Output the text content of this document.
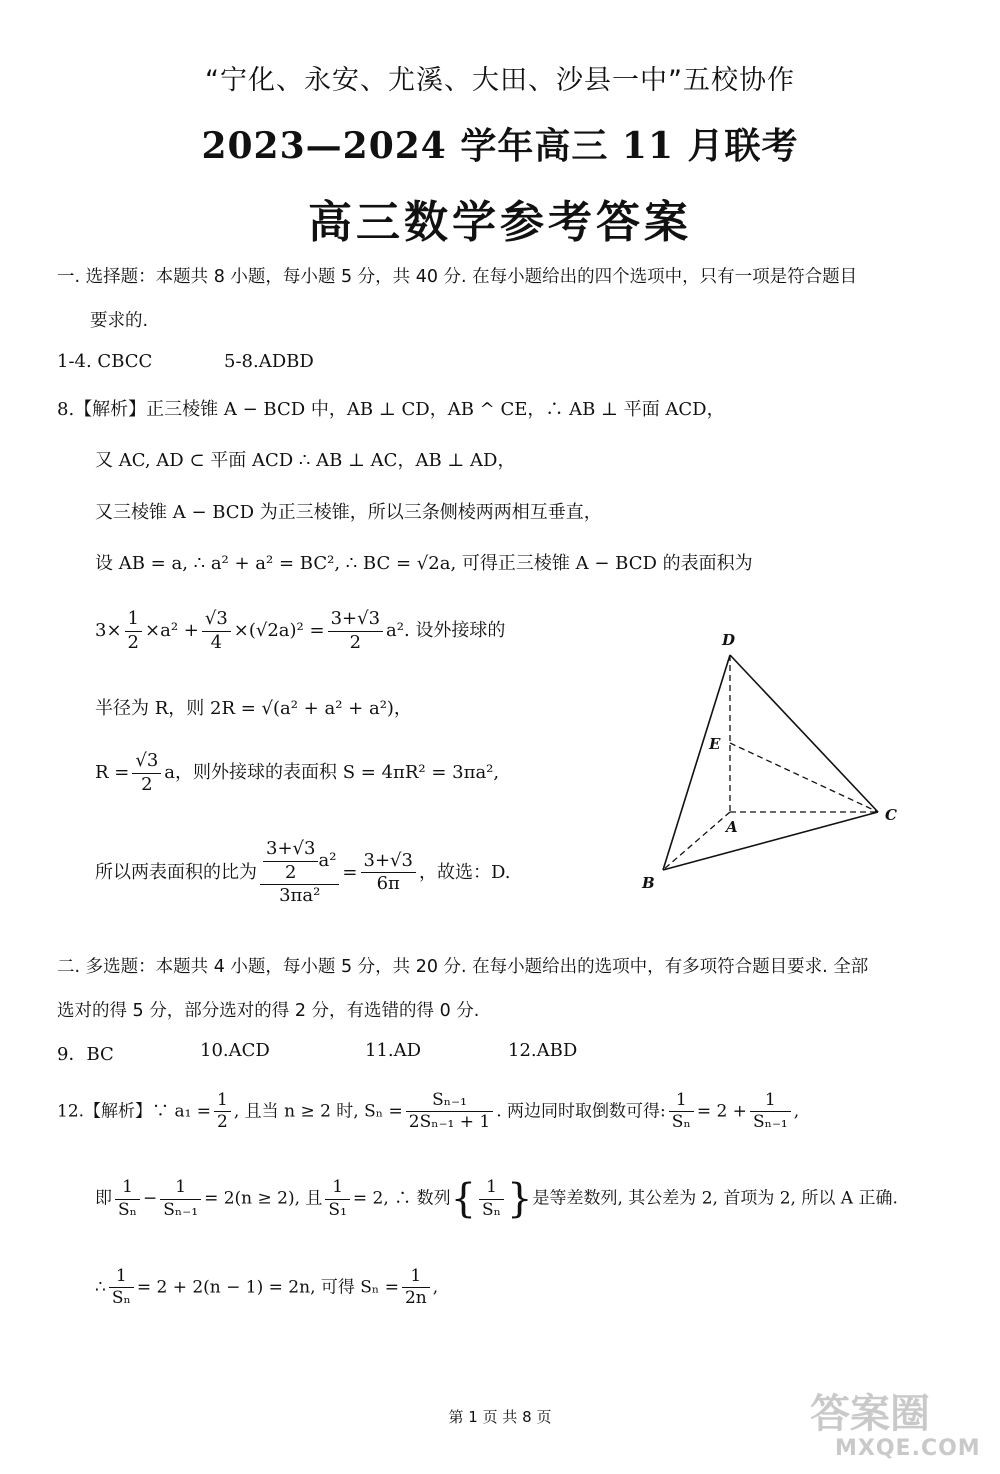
“宁化、永安、尤溪、大田、沙县一中”五校协作
2023—2024 学年高三 11 月联考
高三数学参考答案
一. 选择题：本题共 8 小题，每小题 5 分，共 40 分. 在每小题给出的四个选项中，只有一项是符合题目
要求的.
1-4. CBCC	5-8.ADBD
8.【解析】正三棱锥 A − BCD 中，AB ⊥ CD，AB ^ CE，∴ AB ⊥ 平面 ACD，
又 AC, AD ⊂ 平面 ACD ∴ AB ⊥ AC，AB ⊥ AD，
又三棱锥 A − BCD 为正三棱锥，所以三条侧棱两两相互垂直，
设 AB = a, ∴ a² + a² = BC², ∴ BC = √2a, 可得正三棱锥 A − BCD 的表面积为
$3\times \frac{1}{2} \times a^2 + \frac{√3}{4} \times(√2a)^2 = \frac{3+√3}{2} a^2$. 设外接球的
半径为 R，则 2R = √(a² + a² + a²)，
$R = \frac{√3}{2}$ a，则外接球的表面积 S = 4πR² = 3πa²,
所以两表面积的比为 $\frac{\frac{3+√3}{2} a^2}{\text{3πa²}} = \frac{3+√3}{6\pi}$ ，故选：D.
D
E
A
C
B
二. 多选题：本题共 4 小题，每小题 5 分，共 20 分. 在每小题给出的选项中，有多项符合题目要求. 全部
选对的得 5 分，部分选对的得 2 分，有选错的得 0 分.
9．BC	10.ACD	11.AD	12.ABD
12.【解析】∵ $a_1 = \frac{1}{2}$ , 且当 n ≥ 2 时, $S_n = \frac{\text{Sₙ₋₁}}{\text{2Sₙ₋₁ + 1}}$ . 两边同时取倒数可得: $\frac{1}{\text{Sₙ}} = 2 + \frac{1}{\text{Sₙ₋₁}}$ ,
即 $\frac{1}{\text{Sₙ}} - \frac{1}{\text{Sₙ₋₁}} = 2(n \ge 2)$, 且 $\frac{1}{\text{S₁}} = 2$, ∴ 数列{ $\frac{1}{\text{Sₙ}}$ }是等差数列, 其公差为 2, 首项为 2, 所以 A 正确.
∴ $\frac{1}{\text{Sₙ}} = 2 + 2(n - 1) = 2n$, 可得 $S_n = \frac{1}{2n}$ ,
第 1 页 共 8 页	答案圈
MXQE.COM
